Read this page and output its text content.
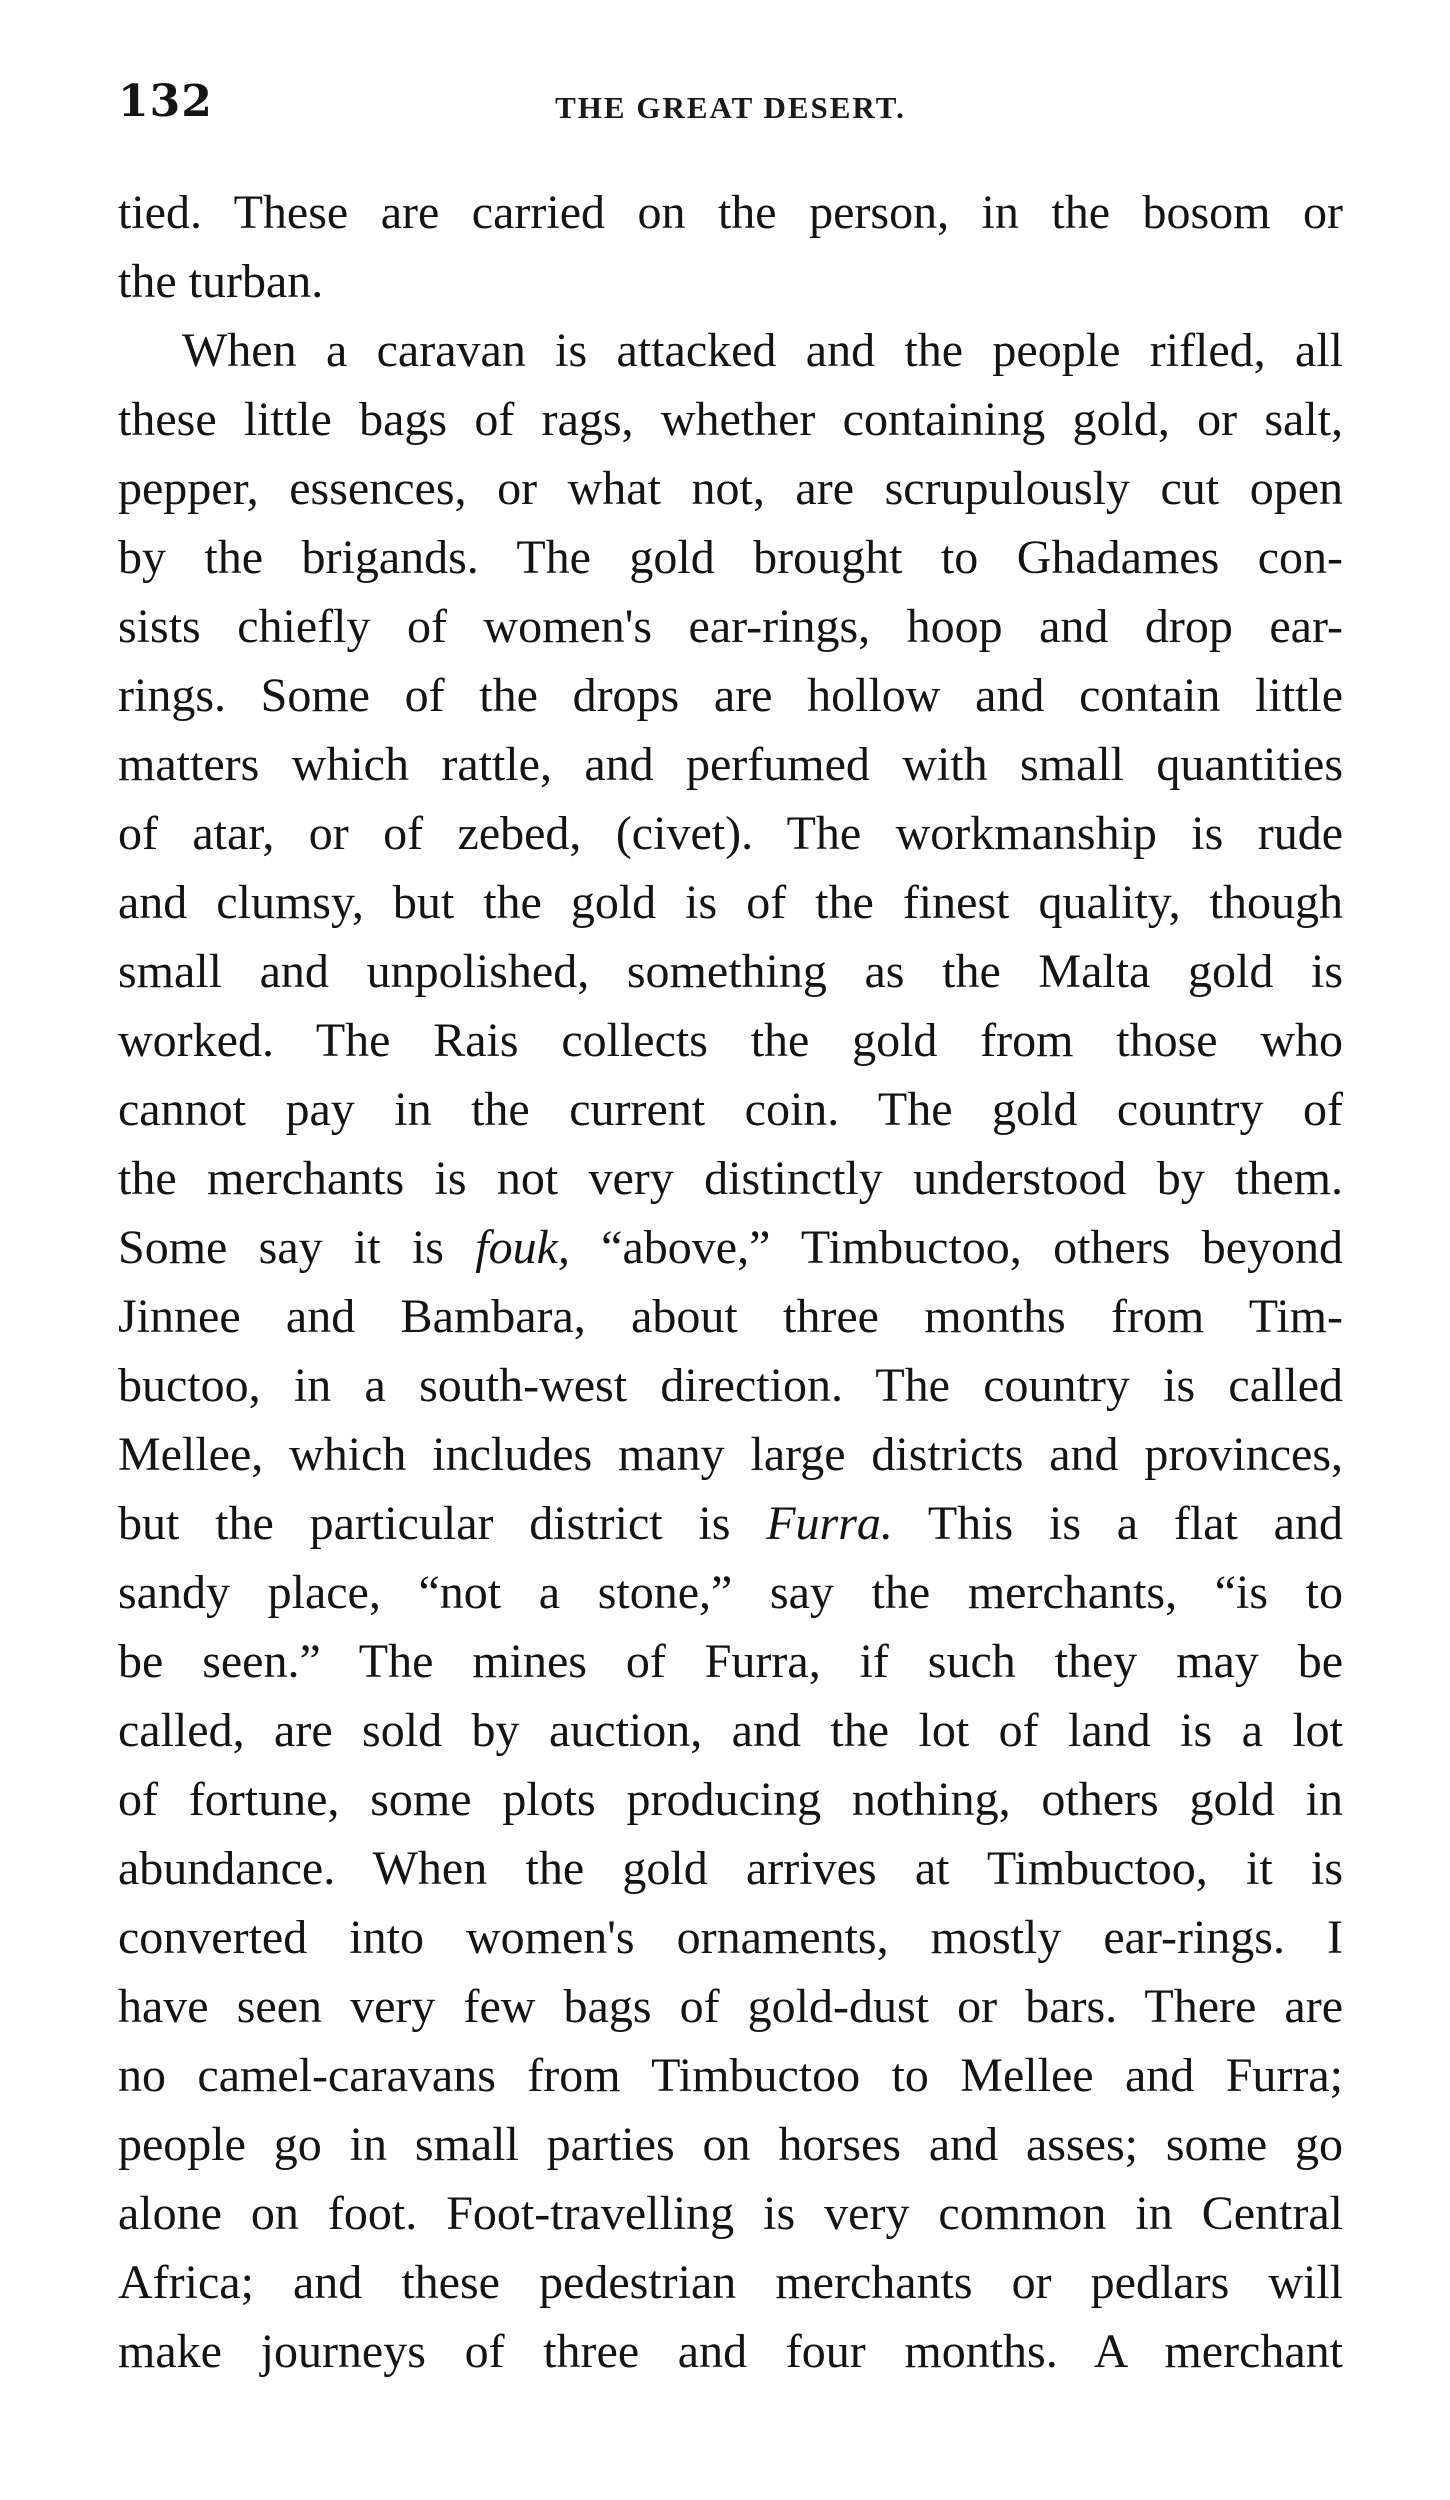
132	THE GREAT DESERT.
tied. These are carried on the person, in the bosom or
the turban.
When a caravan is attacked and the people rifled, all
these little bags of rags, whether containing gold, or salt,
pepper, essences, or what not, are scrupulously cut open
by the brigands. The gold brought to Ghadames con-
sists chiefly of women's ear-rings, hoop and drop ear-
rings. Some of the drops are hollow and contain little
matters which rattle, and perfumed with small quantities
of atar, or of zebed, (civet). The workmanship is rude
and clumsy, but the gold is of the finest quality, though
small and unpolished, something as the Malta gold is
worked. The Rais collects the gold from those who
cannot pay in the current coin. The gold country of
the merchants is not very distinctly understood by them.
Some say it is fouk, “above,” Timbuctoo, others beyond
Jinnee and Bambara, about three months from Tim-
buctoo, in a south-west direction. The country is called
Mellee, which includes many large districts and provinces,
but the particular district is Furra. This is a flat and
sandy place, “not a stone,” say the merchants, “is to
be seen.” The mines of Furra, if such they may be
called, are sold by auction, and the lot of land is a lot
of fortune, some plots producing nothing, others gold in
abundance. When the gold arrives at Timbuctoo, it is
converted into women's ornaments, mostly ear-rings. I
have seen very few bags of gold-dust or bars. There are
no camel-caravans from Timbuctoo to Mellee and Furra;
people go in small parties on horses and asses; some go
alone on foot. Foot-travelling is very common in Central
Africa; and these pedestrian merchants or pedlars will
make journeys of three and four months. A merchant
